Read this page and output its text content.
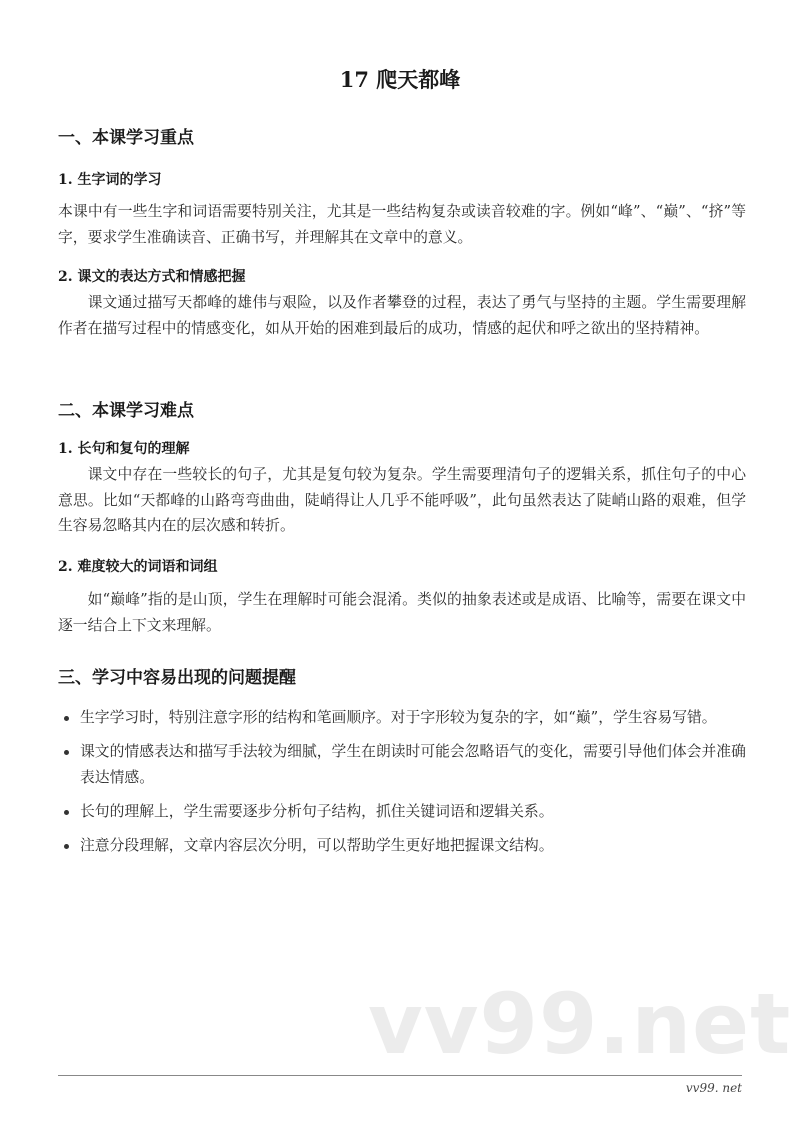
17 爬天都峰
一、本课学习重点
1. 生字词的学习
本课中有一些生字和词语需要特别关注，尤其是一些结构复杂或读音较难的字。例如“峰”、“巅”、“挤”等字，要求学生准确读音、正确书写，并理解其在文章中的意义。
2. 课文的表达方式和情感把握
课文通过描写天都峰的雄伟与艰险，以及作者攀登的过程，表达了勇气与坚持的主题。学生需要理解作者在描写过程中的情感变化，如从开始的困难到最后的成功，情感的起伏和呼之欲出的坚持精神。
二、本课学习难点
1. 长句和复句的理解
课文中存在一些较长的句子，尤其是复句较为复杂。学生需要理清句子的逻辑关系，抓住句子的中心意思。比如“天都峰的山路弯弯曲曲，陡峭得让人几乎不能呼吸”，此句虽然表达了陡峭山路的艰难，但学生容易忽略其内在的层次感和转折。
2. 难度较大的词语和词组
如“巅峰”指的是山顶，学生在理解时可能会混淆。类似的抽象表述或是成语、比喻等，需要在课文中逐一结合上下文来理解。
三、学习中容易出现的问题提醒
生字学习时，特别注意字形的结构和笔画顺序。对于字形较为复杂的字，如“巅”，学生容易写错。
课文的情感表达和描写手法较为细腻，学生在朗读时可能会忽略语气的变化，需要引导他们体会并准确表达情感。
长句的理解上，学生需要逐步分析句子结构，抓住关键词语和逻辑关系。
注意分段理解，文章内容层次分明，可以帮助学生更好地把握课文结构。
vv99.net
vv99. net
